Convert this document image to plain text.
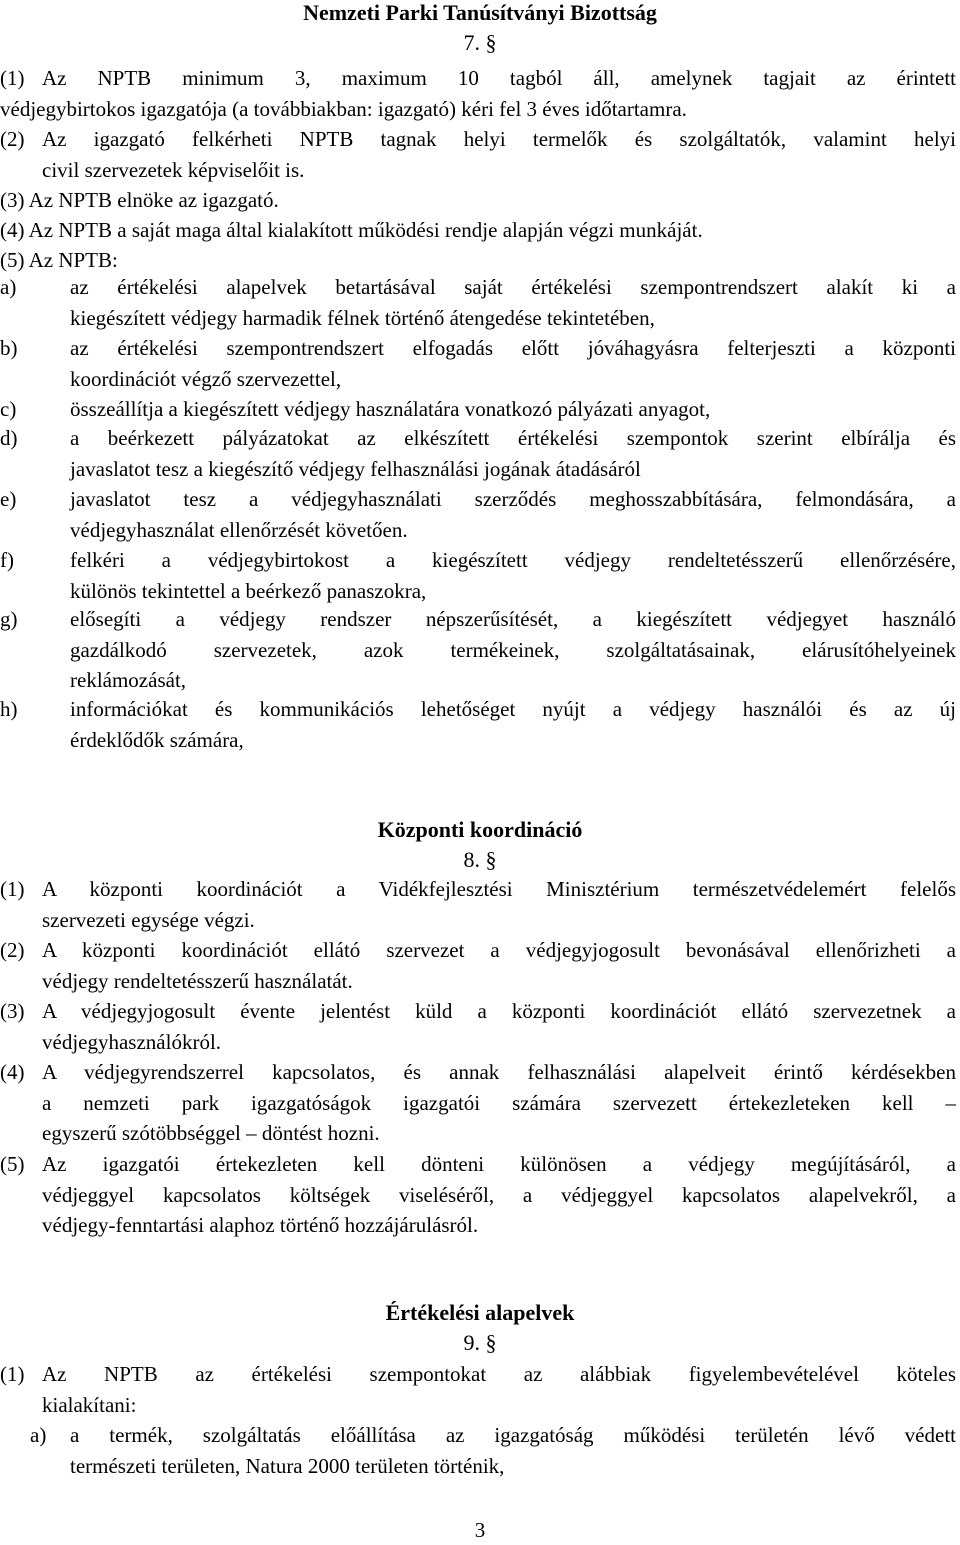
Nemzeti Parki Tanúsítványi Bizottság
7. §
(1) Az NPTB minimum 3, maximum 10 tagból áll, amelynek tagjait az érintett
védjegybirtokos igazgatója (a továbbiakban: igazgató) kéri fel 3 éves időtartamra.
(2) Az igazgató felkérheti NPTB tagnak helyi termelők és szolgáltatók, valamint helyi
civil szervezetek képviselőit is.
(3) Az NPTB elnöke az igazgató.
(4) Az NPTB a saját maga által kialakított működési rendje alapján végzi munkáját.
(5) Az NPTB:
a)	az értékelési alapelvek betartásával saját értékelési szempontrendszert alakít ki a
kiegészített védjegy harmadik félnek történő átengedése tekintetében,
b)	az értékelési szempontrendszert elfogadás előtt jóváhagyásra felterjeszti a központi
koordinációt végző szervezettel,
c)	összeállítja a kiegészített védjegy használatára vonatkozó pályázati anyagot,
d)	a beérkezett pályázatokat az elkészített értékelési szempontok szerint elbírálja és
javaslatot tesz a kiegészítő védjegy felhasználási jogának átadásáról
e)	javaslatot tesz a védjegyhasználati szerződés meghosszabbítására, felmondására, a
védjegyhasználat ellenőrzését követően.
f)	felkéri a védjegybirtokost a kiegészített védjegy rendeltetésszerű ellenőrzésére,
különös tekintettel a beérkező panaszokra,
g)	elősegíti a védjegy rendszer népszerűsítését, a kiegészített védjegyet használó
gazdálkodó szervezetek, azok termékeinek, szolgáltatásainak, elárusítóhelyeinek
reklámozását,
h)	információkat és kommunikációs lehetőséget nyújt a védjegy használói és az új
érdeklődők számára,
Központi koordináció
8. §
(1) A központi koordinációt a Vidékfejlesztési Minisztérium természetvédelemért felelős
szervezeti egysége végzi.
(2) A központi koordinációt ellátó szervezet a védjegyjogosult bevonásával ellenőrizheti a
védjegy rendeltetésszerű használatát.
(3) A védjegyjogosult évente jelentést küld a központi koordinációt ellátó szervezetnek a
védjegyhasználókról.
(4) A védjegyrendszerrel kapcsolatos, és annak felhasználási alapelveit érintő kérdésekben
a nemzeti park igazgatóságok igazgatói számára szervezett értekezleteken kell –
egyszerű szótöbbséggel – döntést hozni.
(5) Az igazgatói értekezleten kell dönteni különösen a védjegy megújításáról, a
védjeggyel kapcsolatos költségek viseléséről, a védjeggyel kapcsolatos alapelvekről, a
védjegy-fenntartási alaphoz történő hozzájárulásról.
Értékelési alapelvek
9. §
(1) Az NPTB az értékelési szempontokat az alábbiak figyelembevételével köteles
kialakítani:
a) a termék, szolgáltatás előállítása az igazgatóság működési területén lévő védett
természeti területen, Natura 2000 területen történik,
3
